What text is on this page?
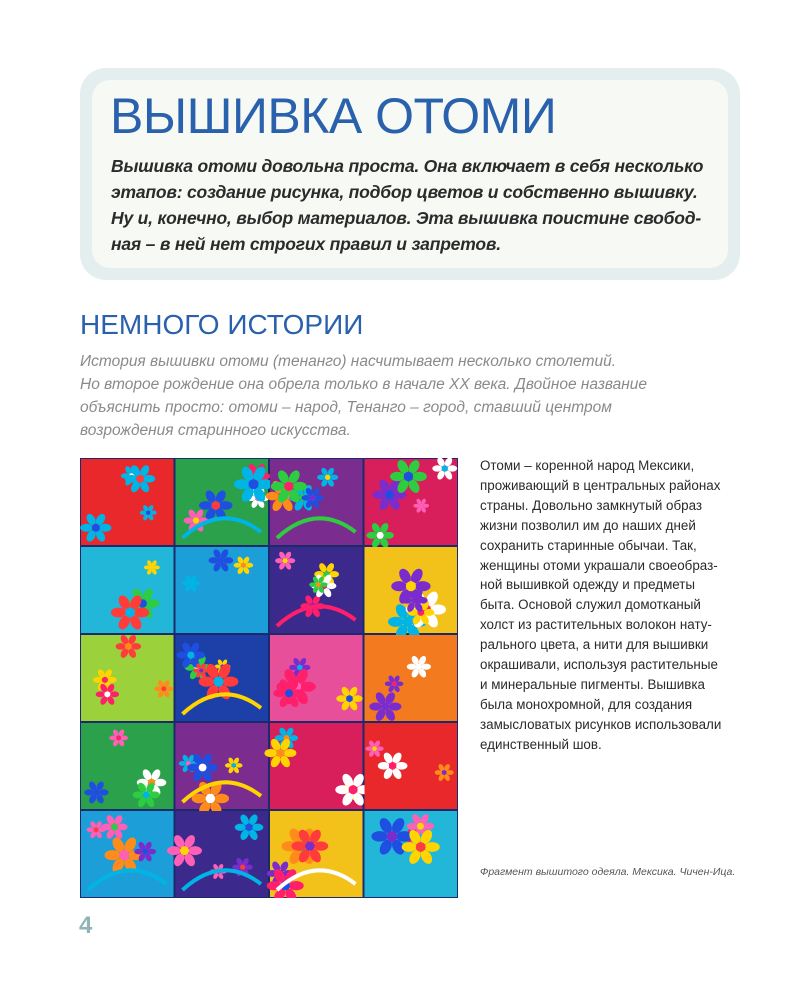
ВЫШИВКА ОТОМИ

Вышивка отоми довольна проста. Она включает в себя несколько
этапов: создание рисунка, подбор цветов и собственно вышивку.
Ну и, конечно, выбор материалов. Эта вышивка поистине свобод-
ная – в ней нет строгих правил и запретов.

НЕМНОГО ИСТОРИИ

История вышивки отоми (тенанго) насчитывает несколько столетий.
Но второе рождение она обрела только в начале XX века. Двойное название
объяснить просто: отоми – народ, Тенанго – город, ставший центром
возрождения старинного искусства.

Отоми – коренной народ Мексики,
проживающий в центральных районах
страны. Довольно замкнутый образ
жизни позволил им до наших дней
сохранить старинные обычаи. Так,
женщины отоми украшали своеобраз-
ной вышивкой одежду и предметы
быта. Основой служил домотканый
холст из растительных волокон нату-
рального цвета, а нити для вышивки
окрашивали, используя растительные
и минеральные пигменты. Вышивка
была монохромной, для создания
замысловатых рисунков использовали
единственный шов.

Фрагмент вышитого одеяла. Мексика. Чичен-Ица.

4
